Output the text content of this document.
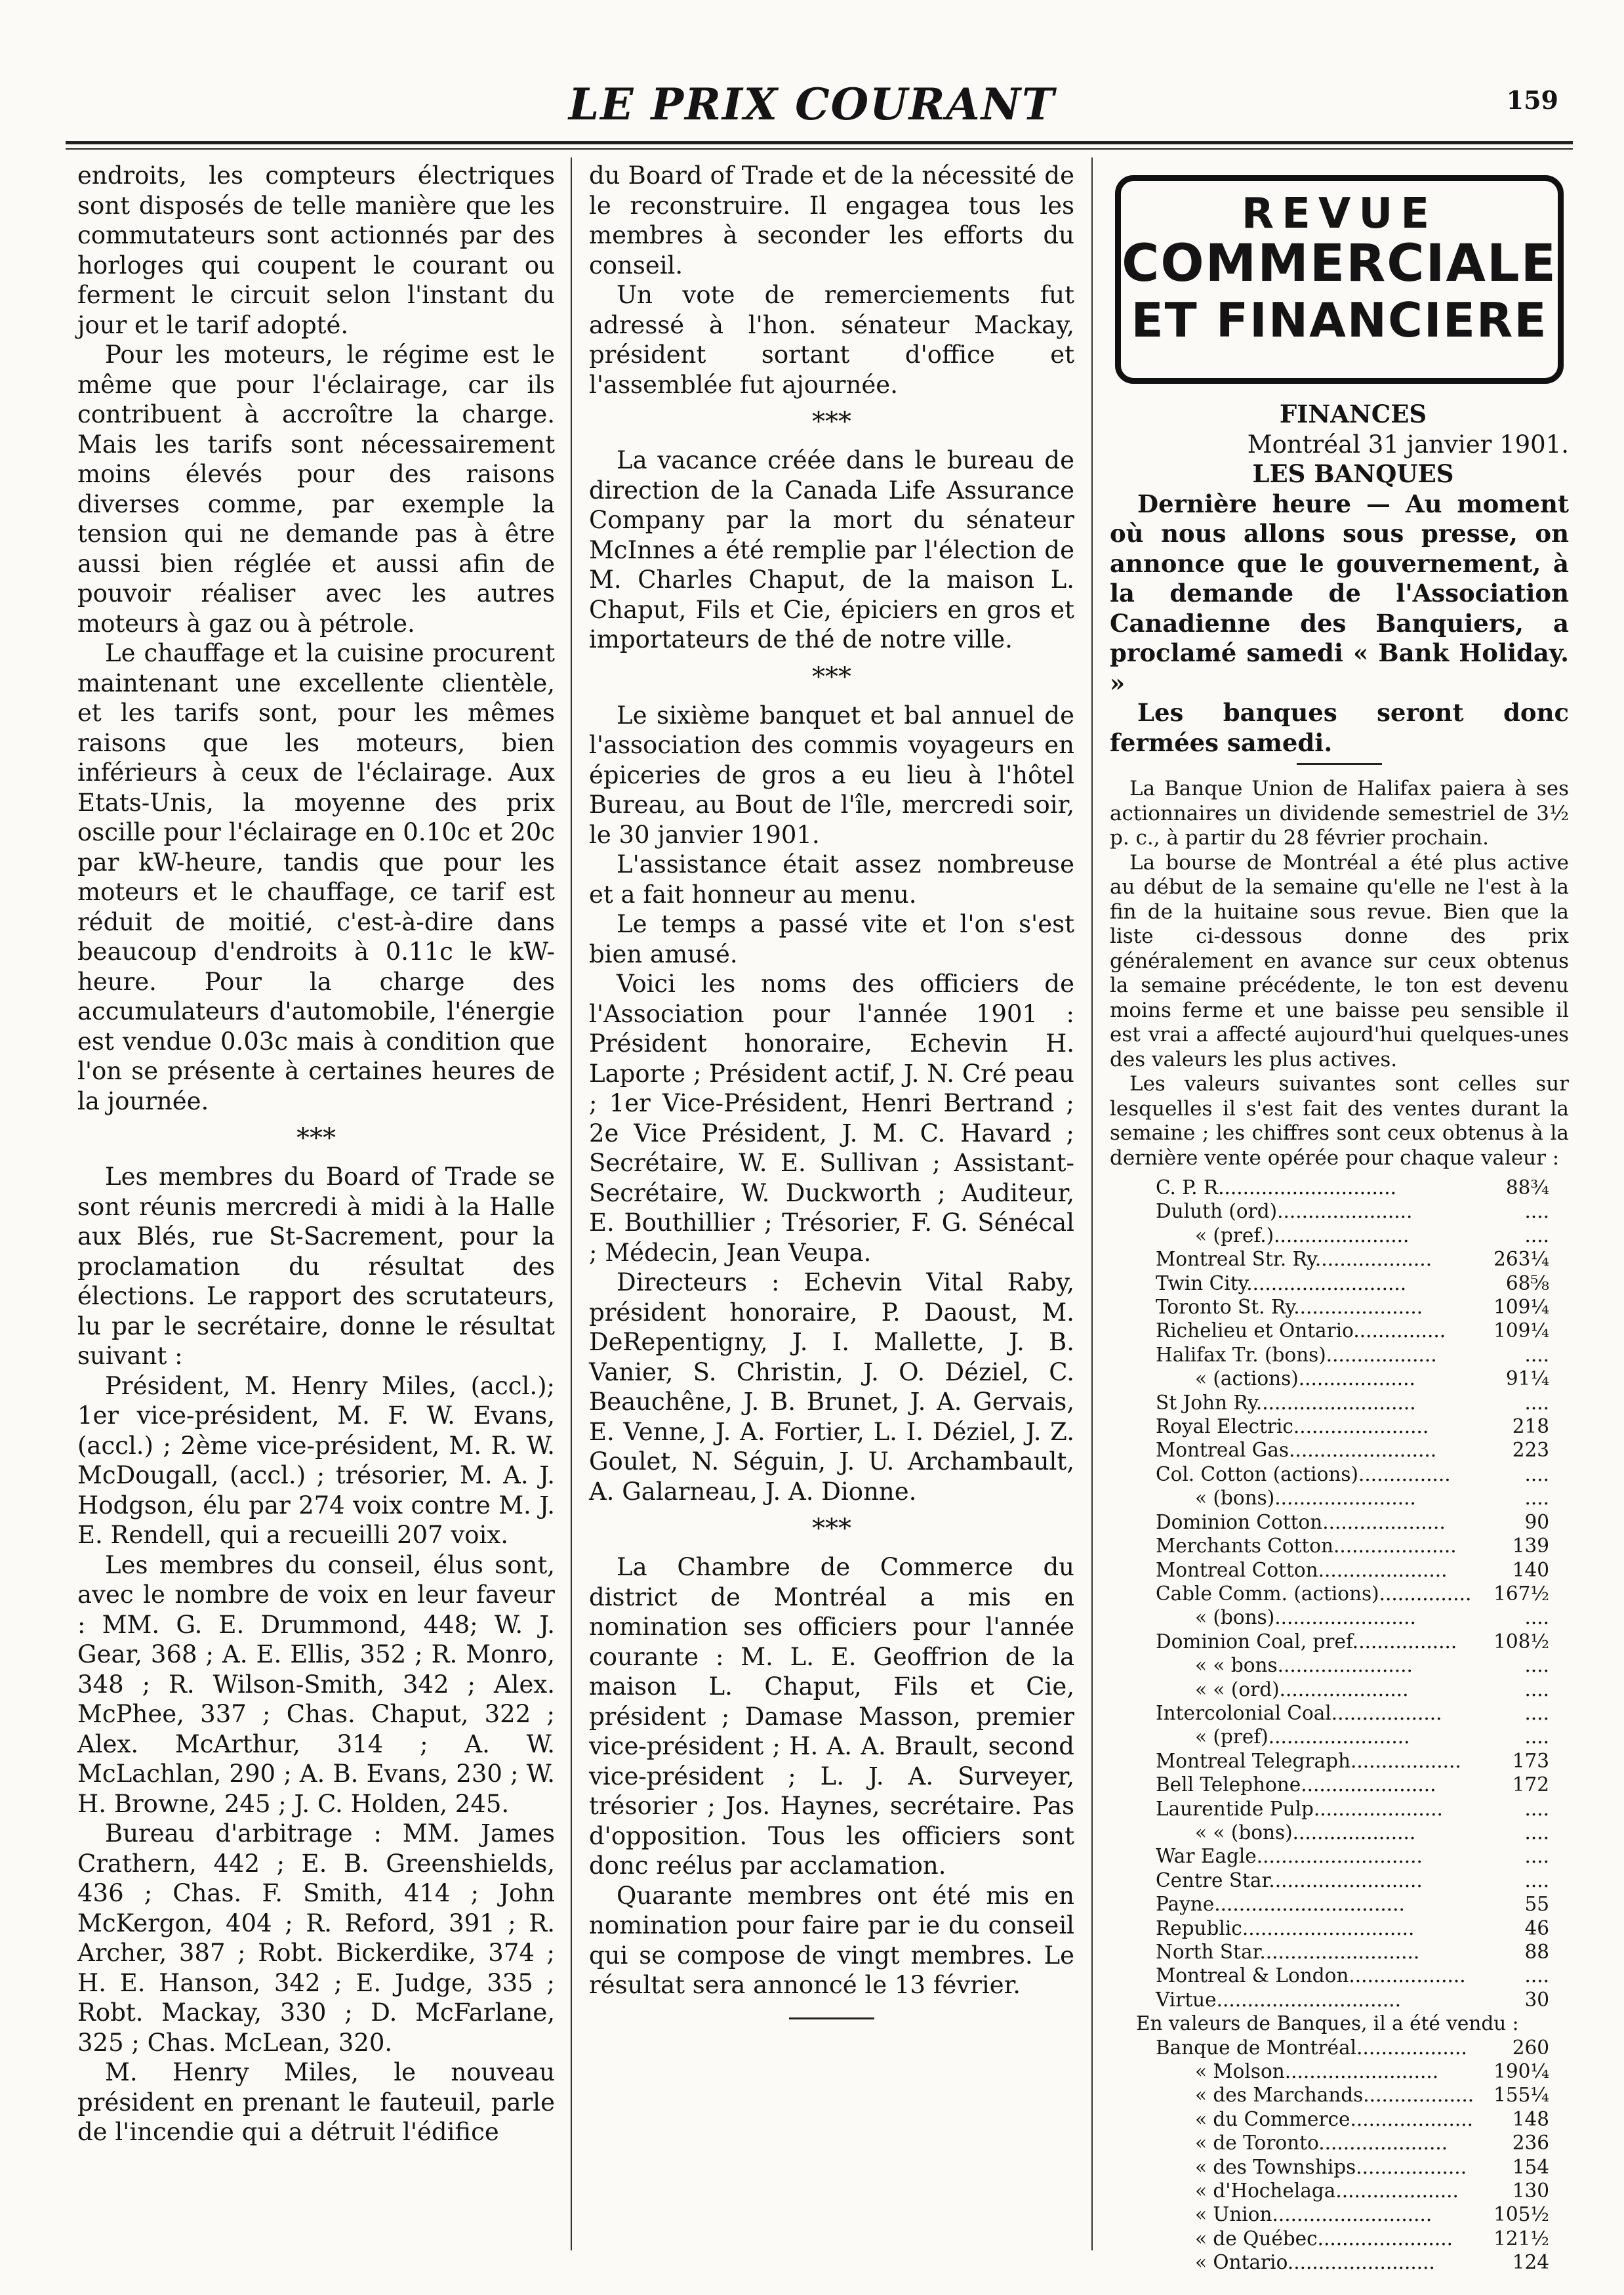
LE PRIX COURANT	159

endroits, les compteurs électriques sont disposés de telle manière que les commutateurs sont actionnés par des horloges qui coupent le courant ou ferment le circuit selon l'instant du jour et le tarif adopté.

Pour les moteurs, le régime est le même que pour l'éclairage, car ils contribuent à accroître la charge. Mais les tarifs sont nécessairement moins élevés pour des raisons diverses comme, par exemple la tension qui ne demande pas à être aussi bien réglée et aussi afin de pouvoir réaliser avec les autres moteurs à gaz ou à pétrole.

Le chauffage et la cuisine procurent maintenant une excellente clientèle, et les tarifs sont, pour les mêmes raisons que les moteurs, bien inférieurs à ceux de l'éclairage. Aux Etats-Unis, la moyenne des prix oscille pour l'éclairage en 0.10c et 20c par kW-heure, tandis que pour les moteurs et le chauffage, ce tarif est réduit de moitié, c'est-à-dire dans beaucoup d'endroits à 0.11c le kW-heure. Pour la charge des accumulateurs d'automobile, l'énergie est vendue 0.03c mais à condition que l'on se présente à certaines heures de la journée.

***

Les membres du Board of Trade se sont réunis mercredi à midi à la Halle aux Blés, rue St-Sacrement, pour la proclamation du résultat des élections. Le rapport des scrutateurs, lu par le secrétaire, donne le résultat suivant :

Président, M. Henry Miles, (accl.); 1er vice-président, M. F. W. Evans, (accl.) ; 2ème vice-président, M. R. W. McDougall, (accl.) ; trésorier, M. A. J. Hodgson, élu par 274 voix contre M. J. E. Rendell, qui a recueilli 207 voix.

Les membres du conseil, élus sont, avec le nombre de voix en leur faveur : MM. G. E. Drummond, 448; W. J. Gear, 368 ; A. E. Ellis, 352 ; R. Monro, 348 ; R. Wilson-Smith, 342 ; Alex. McPhee, 337 ; Chas. Chaput, 322 ; Alex. McArthur, 314 ; A. W. McLachlan, 290 ; A. B. Evans, 230 ; W. H. Browne, 245 ; J. C. Holden, 245.

Bureau d'arbitrage : MM. James Crathern, 442 ; E. B. Greenshields, 436 ; Chas. F. Smith, 414 ; John McKergon, 404 ; R. Reford, 391 ; R. Archer, 387 ; Robt. Bickerdike, 374 ; H. E. Hanson, 342 ; E. Judge, 335 ; Robt. Mackay, 330 ; D. McFarlane, 325 ; Chas. McLean, 320.

M. Henry Miles, le nouveau président en prenant le fauteuil, parle de l'incendie qui a détruit l'édifice

du Board of Trade et de la nécessité de le reconstruire. Il engagea tous les membres à seconder les efforts du conseil.

Un vote de remerciements fut adressé à l'hon. sénateur Mackay, président sortant d'office et l'assemblée fut ajournée.

***

La vacance créée dans le bureau de direction de la Canada Life Assurance Company par la mort du sénateur McInnes a été remplie par l'élection de M. Charles Chaput, de la maison L. Chaput, Fils et Cie, épiciers en gros et importateurs de thé de notre ville.

***

Le sixième banquet et bal annuel de l'association des commis voyageurs en épiceries de gros a eu lieu à l'hôtel Bureau, au Bout de l'île, mercredi soir, le 30 janvier 1901.

L'assistance était assez nombreuse et a fait honneur au menu.

Le temps a passé vite et l'on s'est bien amusé.

Voici les noms des officiers de l'Association pour l'année 1901 : Président honoraire, Echevin H. Laporte ; Président actif, J. N. Cré peau ; 1er Vice-Président, Henri Bertrand ; 2e Vice Président, J. M. C. Havard ; Secrétaire, W. E. Sullivan ; Assistant-Secrétaire, W. Duckworth ; Auditeur, E. Bouthillier ; Trésorier, F. G. Sénécal ; Médecin, Jean Veupa.

Directeurs : Echevin Vital Raby, président honoraire, P. Daoust, M. DeRepentigny, J. I. Mallette, J. B. Vanier, S. Christin, J. O. Déziel, C. Beauchêne, J. B. Brunet, J. A. Gervais, E. Venne, J. A. Fortier, L. I. Déziel, J. Z. Goulet, N. Séguin, J. U. Archambault, A. Galarneau, J. A. Dionne.

***

La Chambre de Commerce du district de Montréal a mis en nomination ses officiers pour l'année courante : M. L. E. Geoffrion de la maison L. Chaput, Fils et Cie, président ; Damase Masson, premier vice-président ; H. A. A. Brault, second vice-président ; L. J. A. Surveyer, trésorier ; Jos. Haynes, secrétaire. Pas d'opposition. Tous les officiers sont donc reélus par acclamation.

Quarante membres ont été mis en nomination pour faire par ie du conseil qui se compose de vingt membres. Le résultat sera annoncé le 13 février.

REVUE
COMMERCIALE
ET FINANCIERE

FINANCES

Montréal 31 janvier 1901.

LES BANQUES

Dernière heure — Au moment où nous allons sous presse, on annonce que le gouvernement, à la demande de l'Association Canadienne des Banquiers, a proclamé samedi « Bank Holiday. »

Les banques seront donc fermées samedi.

La Banque Union de Halifax paiera à ses actionnaires un dividende semestriel de 3½ p. c., à partir du 28 février prochain.

La bourse de Montréal a été plus active au début de la semaine qu'elle ne l'est à la fin de la huitaine sous revue. Bien que la liste ci-dessous donne des prix généralement en avance sur ceux obtenus la semaine précédente, le ton est devenu moins ferme et une baisse peu sensible il est vrai a affecté aujourd'hui quelques-unes des valeurs les plus actives.

Les valeurs suivantes sont celles sur lesquelles il s'est fait des ventes durant la semaine ; les chiffres sont ceux obtenus à la dernière vente opérée pour chaque valeur :

C. P. R.............................	88¾
Duluth (ord)......................	....
« (pref.)......................	....
Montreal Str. Ry...................	263¼
Twin City..........................	68⅝
Toronto St. Ry.....................	109¼
Richelieu et Ontario...............	109¼
Halifax Tr. (bons)..................	....
« (actions)...................	91¼
St John Ry..........................	....
Royal Electric......................	218
Montreal Gas........................	223
Col. Cotton (actions)...............	....
« (bons).......................	....
Dominion Cotton....................	90
Merchants Cotton....................	139
Montreal Cotton.....................	140
Cable Comm. (actions)...............	167½
« (bons).......................	....
Dominion Coal, pref.................	108½
« « bons......................	....
« « (ord).....................	....
Intercolonial Coal..................	....
« (pref).......................	....
Montreal Telegraph..................	173
Bell Telephone......................	172
Laurentide Pulp.....................	....
« « (bons)....................	....
War Eagle...........................	....
Centre Star.........................	....
Payne...............................	55
Republic............................	46
North Star..........................	88
Montreal & London...................	....
Virtue..............................	30
En valeurs de Banques, il a été vendu :	
Banque de Montréal..................	260
« Molson.........................	190¼
« des Marchands..................	155¼
« du Commerce....................	148
« de Toronto.....................	236
« des Townships..................	154
« d'Hochelaga....................	130
« Union..........................	105½
« de Québec......................	121½
« Ontario........................	124
